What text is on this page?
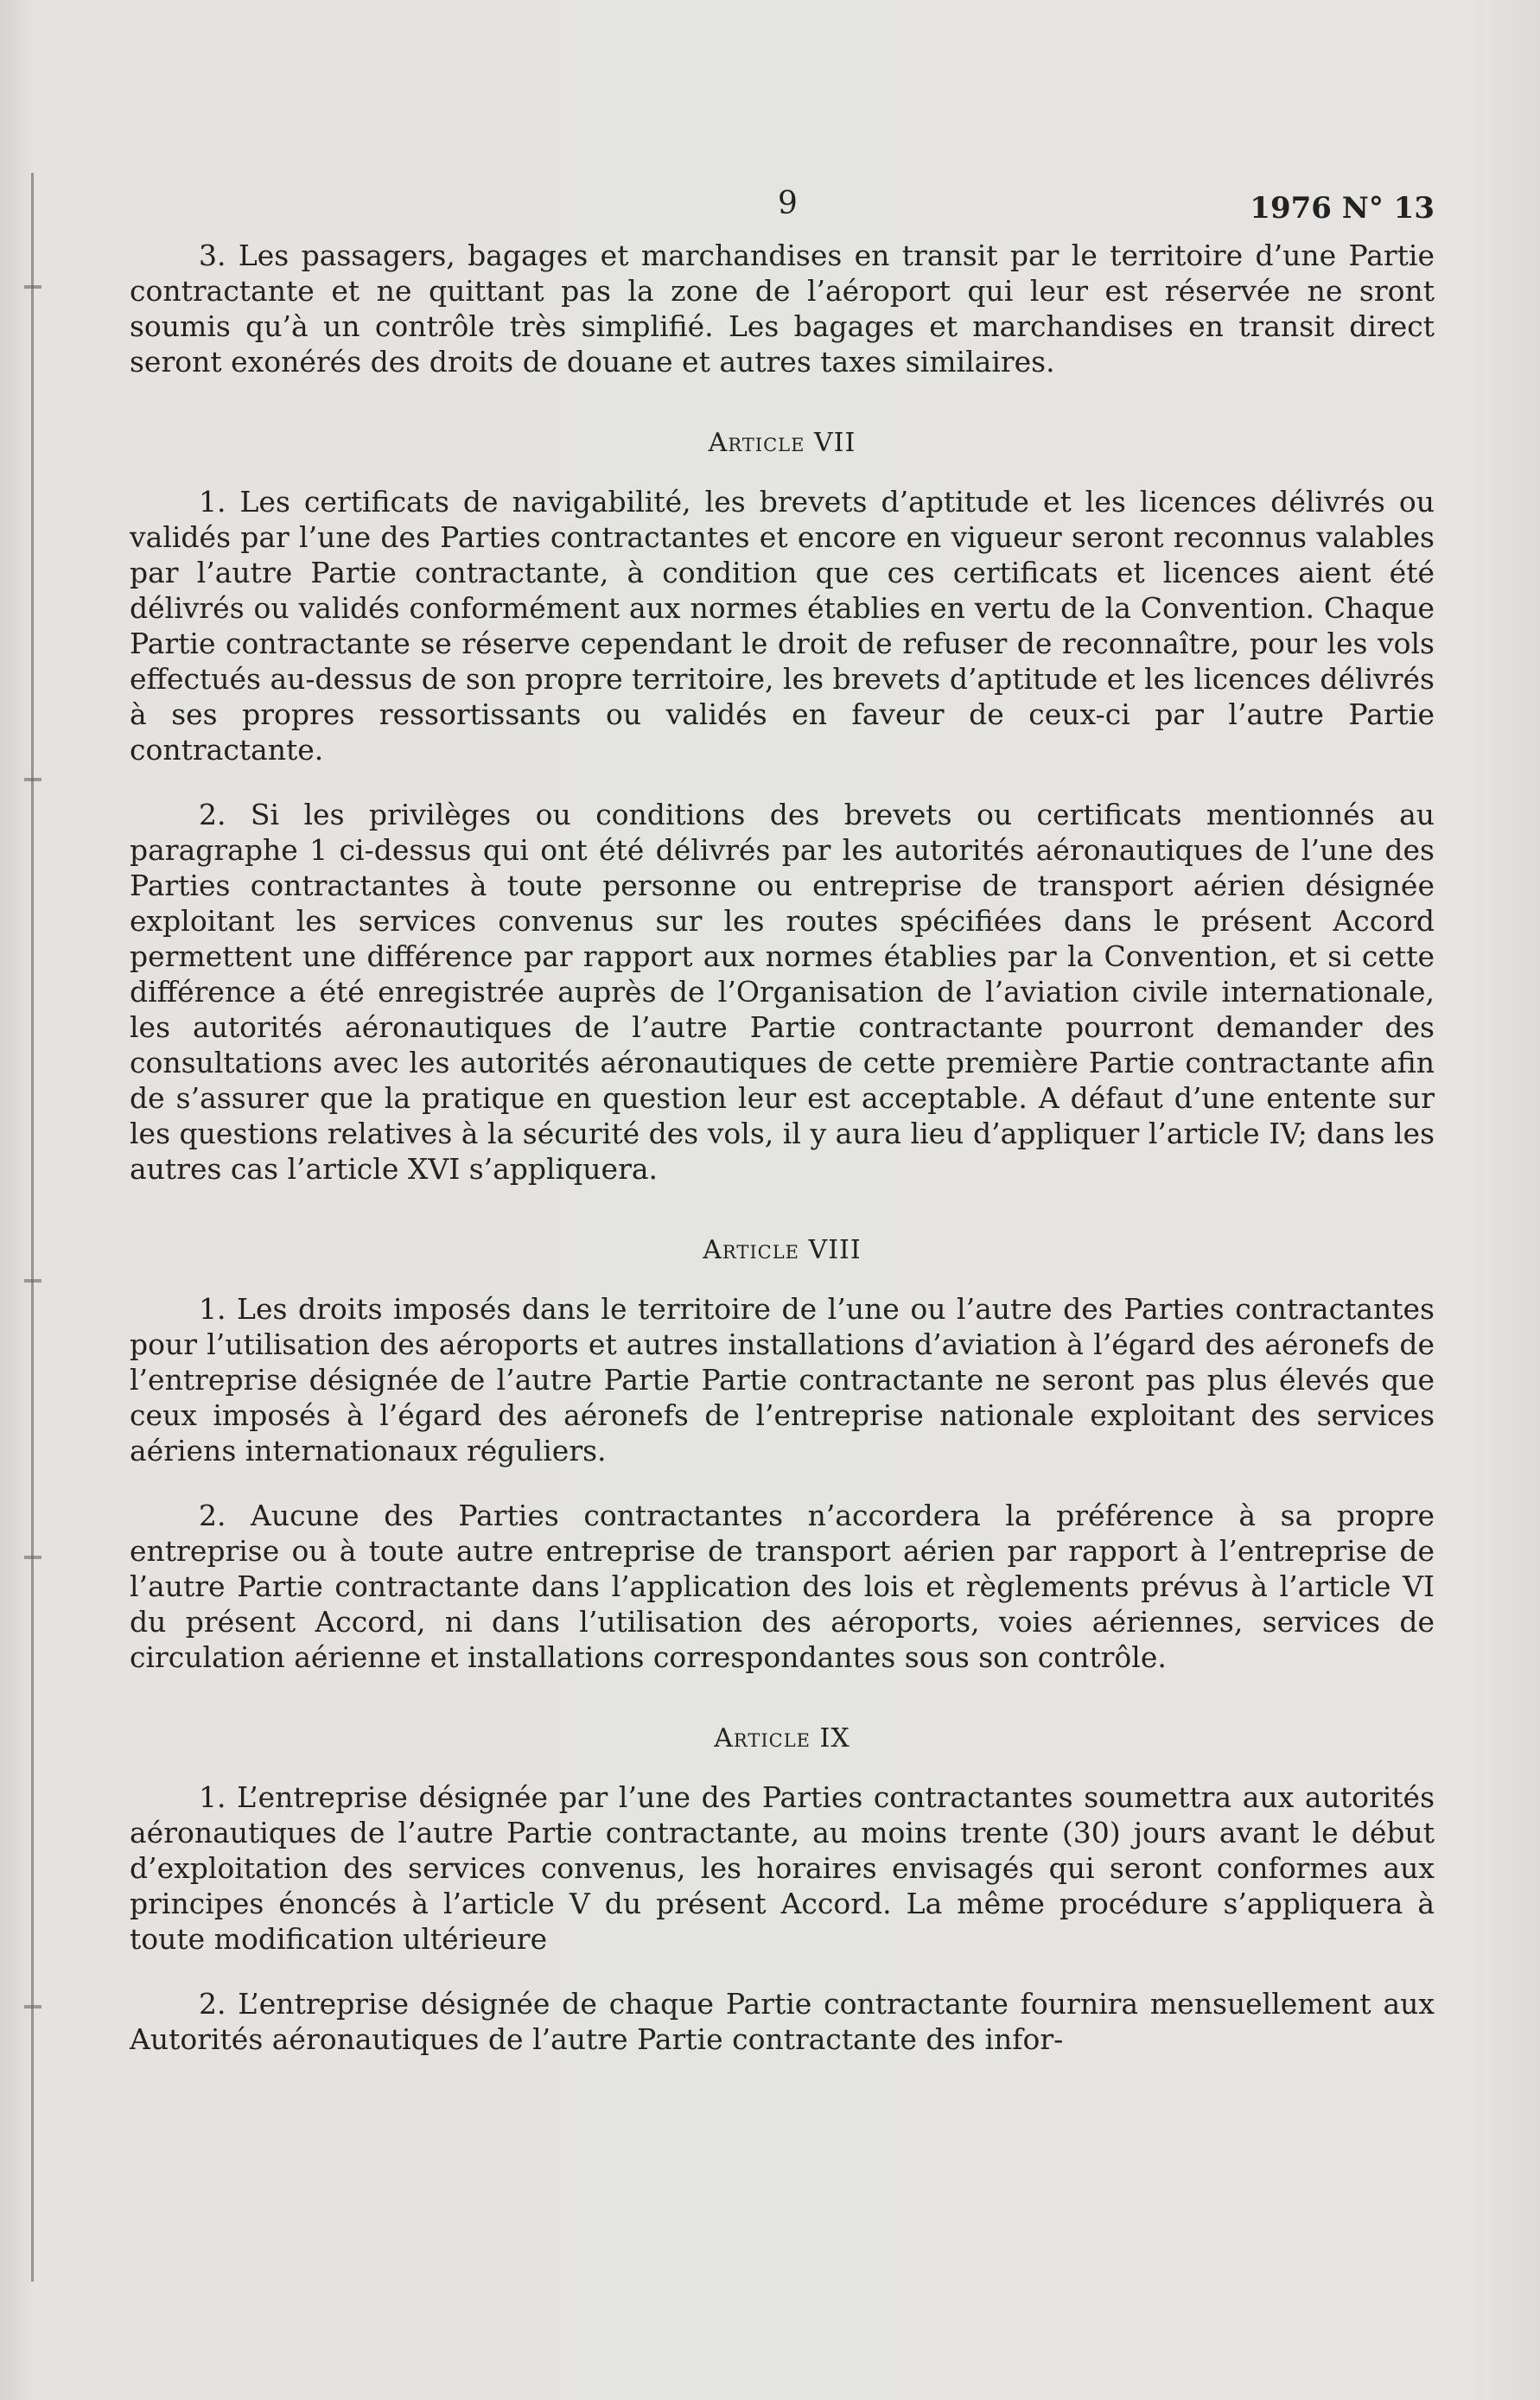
9	1976 N° 13

3. Les passagers, bagages et marchandises en transit par le territoire d’une Partie contractante et ne quittant pas la zone de l’aéroport qui leur est réservée ne sront soumis qu’à un contrôle très simplifié. Les bagages et marchandises en transit direct seront exonérés des droits de douane et autres taxes similaires.

Article VII

1. Les certificats de navigabilité, les brevets d’aptitude et les licences délivrés ou validés par l’une des Parties contractantes et encore en vigueur seront reconnus valables par l’autre Partie contractante, à condition que ces certificats et licences aient été délivrés ou validés conformément aux normes établies en vertu de la Convention. Chaque Partie contractante se réserve cependant le droit de refuser de reconnaître, pour les vols effectués au-dessus de son propre territoire, les brevets d’aptitude et les licences délivrés à ses propres ressortissants ou validés en faveur de ceux-ci par l’autre Partie contractante.

2. Si les privilèges ou conditions des brevets ou certificats mentionnés au paragraphe 1 ci-dessus qui ont été délivrés par les autorités aéronautiques de l’une des Parties contractantes à toute personne ou entreprise de transport aérien désignée exploitant les services convenus sur les routes spécifiées dans le présent Accord permettent une différence par rapport aux normes établies par la Convention, et si cette différence a été enregistrée auprès de l’Organisation de l’aviation civile internationale, les autorités aéronautiques de l’autre Partie contractante pourront demander des consultations avec les autorités aéronautiques de cette première Partie contractante afin de s’assurer que la pratique en question leur est acceptable. A défaut d’une entente sur les questions relatives à la sécurité des vols, il y aura lieu d’appliquer l’article IV; dans les autres cas l’article XVI s’appliquera.

Article VIII

1. Les droits imposés dans le territoire de l’une ou l’autre des Parties contractantes pour l’utilisation des aéroports et autres installations d’aviation à l’égard des aéronefs de l’entreprise désignée de l’autre Partie Partie contractante ne seront pas plus élevés que ceux imposés à l’égard des aéronefs de l’entreprise nationale exploitant des services aériens internationaux réguliers.

2. Aucune des Parties contractantes n’accordera la préférence à sa propre entreprise ou à toute autre entreprise de transport aérien par rapport à l’entreprise de l’autre Partie contractante dans l’application des lois et règlements prévus à l’article VI du présent Accord, ni dans l’utilisation des aéroports, voies aériennes, services de circulation aérienne et installations correspondantes sous son contrôle.

Article IX

1. L’entreprise désignée par l’une des Parties contractantes soumettra aux autorités aéronautiques de l’autre Partie contractante, au moins trente (30) jours avant le début d’exploitation des services convenus, les horaires envisagés qui seront conformes aux principes énoncés à l’article V du présent Accord. La même procédure s’appliquera à toute modification ultérieure

2. L’entreprise désignée de chaque Partie contractante fournira mensuellement aux Autorités aéronautiques de l’autre Partie contractante des infor-
